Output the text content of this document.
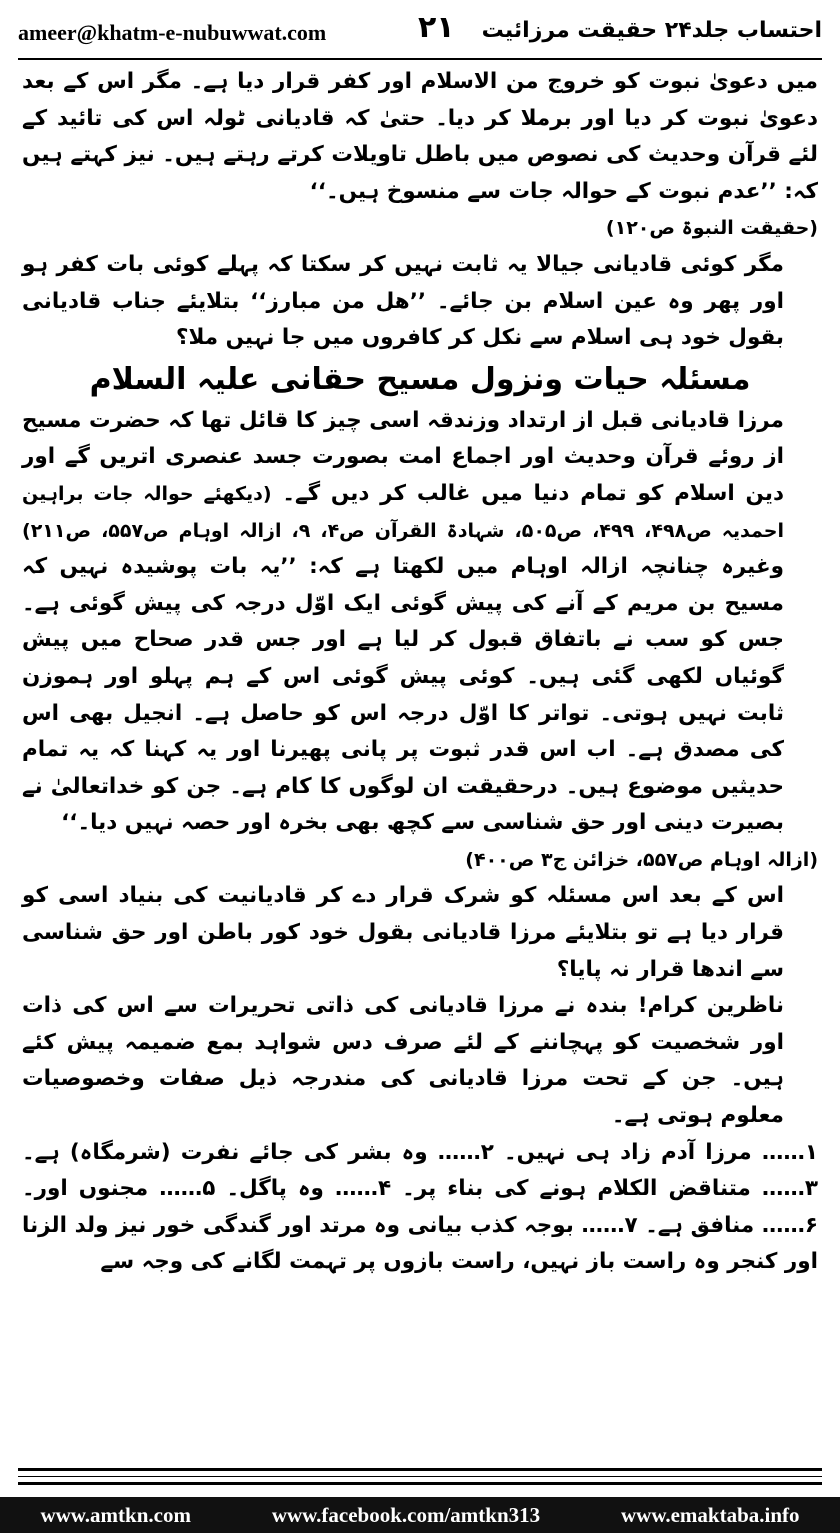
ameer@khatm-e-nubuwwat.com	۲۱ احتساب جلد۲۴ حقیقت مرزائیت

میں دعویٰ نبوت کو خروج من الاسلام اور کفر قرار دیا ہے۔ مگر اس کے بعد دعویٰ نبوت کر دیا اور برملا کر دیا۔ حتیٰ کہ قادیانی ٹولہ اس کی تائید کے لئے قرآن وحدیث کی نصوص میں باطل تاویلات کرتے رہتے ہیں۔ نیز کہتے ہیں کہ: ’’عدم نبوت کے حوالہ جات سے منسوخ ہیں۔‘‘

(حقیقت النبوۃ ص۱۲۰)

مگر کوئی قادیانی جیالا یہ ثابت نہیں کر سکتا کہ پہلے کوئی بات کفر ہو اور پھر وہ عین اسلام بن جائے۔ ’’ھل من مبارز‘‘ بتلایئے جناب قادیانی بقول خود ہی اسلام سے نکل کر کافروں میں جا نہیں ملا؟

مسئلہ حیات ونزول مسیح حقانی علیہ السلام

مرزا قادیانی قبل از ارتداد وزندقہ اسی چیز کا قائل تھا کہ حضرت مسیح از روئے قرآن وحدیث اور اجماع امت بصورت جسد عنصری اتریں گے اور دین اسلام کو تمام دنیا میں غالب کر دیں گے۔ (دیکھئے حوالہ جات براہین احمدیہ ص۴۹۸، ۴۹۹، ص۵۰۵، شہادۃ القرآن ص۴، ۹، ازالہ اوہام ص۵۵۷، ص۲۱۱) وغیرہ چنانچہ ازالہ اوہام میں لکھتا ہے کہ: ’’یہ بات پوشیدہ نہیں کہ مسیح بن مریم کے آنے کی پیش گوئی ایک اوّل درجہ کی پیش گوئی ہے۔ جس کو سب نے باتفاق قبول کر لیا ہے اور جس قدر صحاح میں پیش گوئیاں لکھی گئی ہیں۔ کوئی پیش گوئی اس کے ہم پہلو اور ہموزن ثابت نہیں ہوتی۔ تواتر کا اوّل درجہ اس کو حاصل ہے۔ انجیل بھی اس کی مصدق ہے۔ اب اس قدر ثبوت پر پانی پھیرنا اور یہ کہنا کہ یہ تمام حدیثیں موضوع ہیں۔ درحقیقت ان لوگوں کا کام ہے۔ جن کو خداتعالیٰ نے بصیرت دینی اور حق شناسی سے کچھ بھی بخرہ اور حصہ نہیں دیا۔‘‘

(ازالہ اوہام ص۵۵۷، خزائن ج۳ ص۴۰۰)

اس کے بعد اس مسئلہ کو شرک قرار دے کر قادیانیت کی بنیاد اسی کو قرار دیا ہے تو بتلایئے مرزا قادیانی بقول خود کور باطن اور حق شناسی سے اندھا قرار نہ پایا؟

ناظرین کرام! بندہ نے مرزا قادیانی کی ذاتی تحریرات سے اس کی ذات اور شخصیت کو پہچاننے کے لئے صرف دس شواہد بمع ضمیمہ پیش کئے ہیں۔ جن کے تحت مرزا قادیانی کی مندرجہ ذیل صفات وخصوصیات معلوم ہوتی ہے۔

۱…… مرزا آدم زاد ہی نہیں۔ ۲…… وہ بشر کی جائے نفرت (شرمگاہ) ہے۔ ۳…… متناقض الکلام ہونے کی بناء پر۔ ۴…… وہ پاگل۔ ۵…… مجنوں اور۔ ۶…… منافق ہے۔ ۷…… بوجہ کذب بیانی وہ مرتد اور گندگی خور نیز ولد الزنا اور کنجر وہ راست باز نہیں، راست بازوں پر تہمت لگانے کی وجہ سے

www.amtkn.com	www.facebook.com/amtkn313	www.emaktaba.info
